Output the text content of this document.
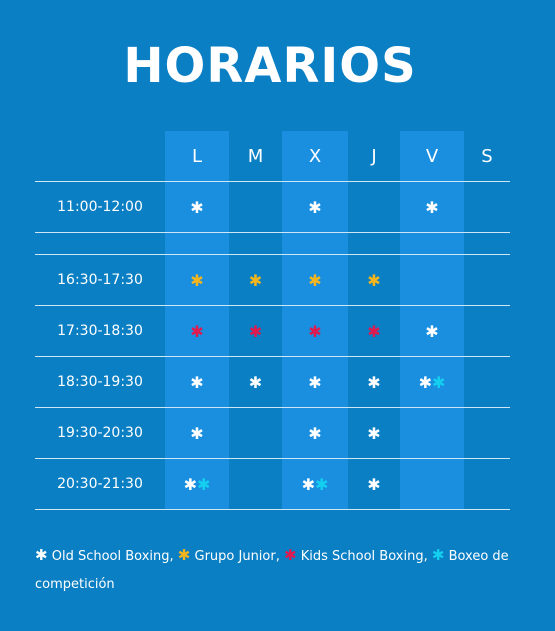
HORARIOS
	L	M	X	J	V	S
11:00-12:00	✱		✱		✱	

16:30-17:30	✱	✱	✱	✱		
17:30-18:30	✱	✱	✱	✱	✱	
18:30-19:30	✱	✱	✱	✱	✱✱	
19:30-20:30	✱		✱	✱		
20:30-21:30	✱✱		✱✱	✱		
✱ Old School Boxing, ✱ Grupo Junior, ✱ Kids School Boxing, ✱ Boxeo de competición
